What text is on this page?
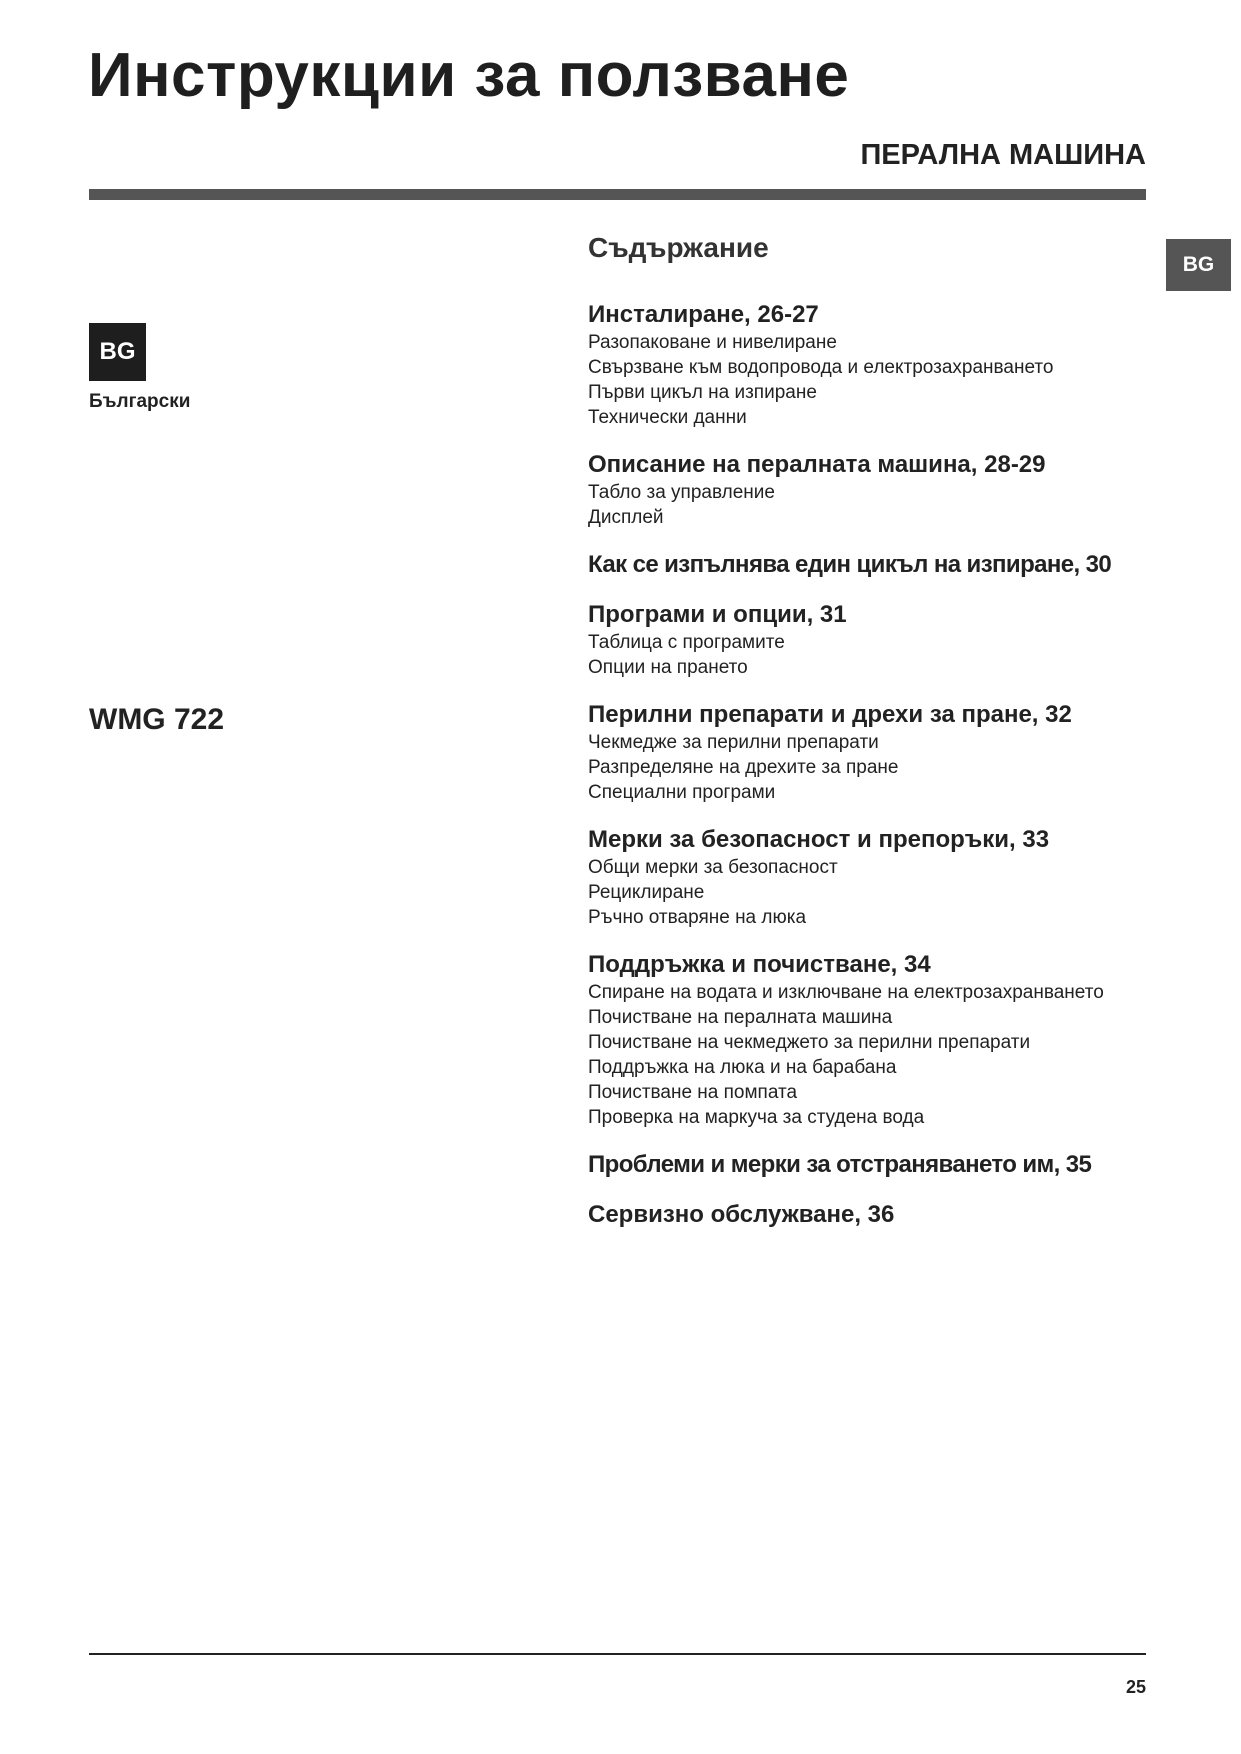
Инструкции за ползване
ПЕРАЛНА МАШИНА
BG
BG
Български
WMG 722
Съдържание
Инсталиране, 26-27
Разопаковане и нивелиране
Свързване към водопровода и електрозахранването
Първи цикъл на изпиране
Технически данни
Описание на пералната машина, 28-29
Табло за управление
Дисплей
Как се изпълнява един цикъл на изпиране, 30
Програми и опции, 31
Таблица с програмите
Опции на прането
Перилни препарати и дрехи за пране, 32
Чекмедже за перилни препарати
Разпределяне на дрехите за пране
Специални програми
Мерки за безопасност и препоръки, 33
Общи мерки за безопасност
Рециклиране
Ръчно отваряне на люка
Поддръжка и почистване, 34
Спиране на водата и изключване на електрозахранването
Почистване на пералната машина
Почистване на чекмеджето за перилни препарати
Поддръжка на люка и на барабана
Почистване на помпата
Проверка на маркуча за студена вода
Проблеми и мерки за отстраняването им, 35
Сервизно обслужване, 36
25
